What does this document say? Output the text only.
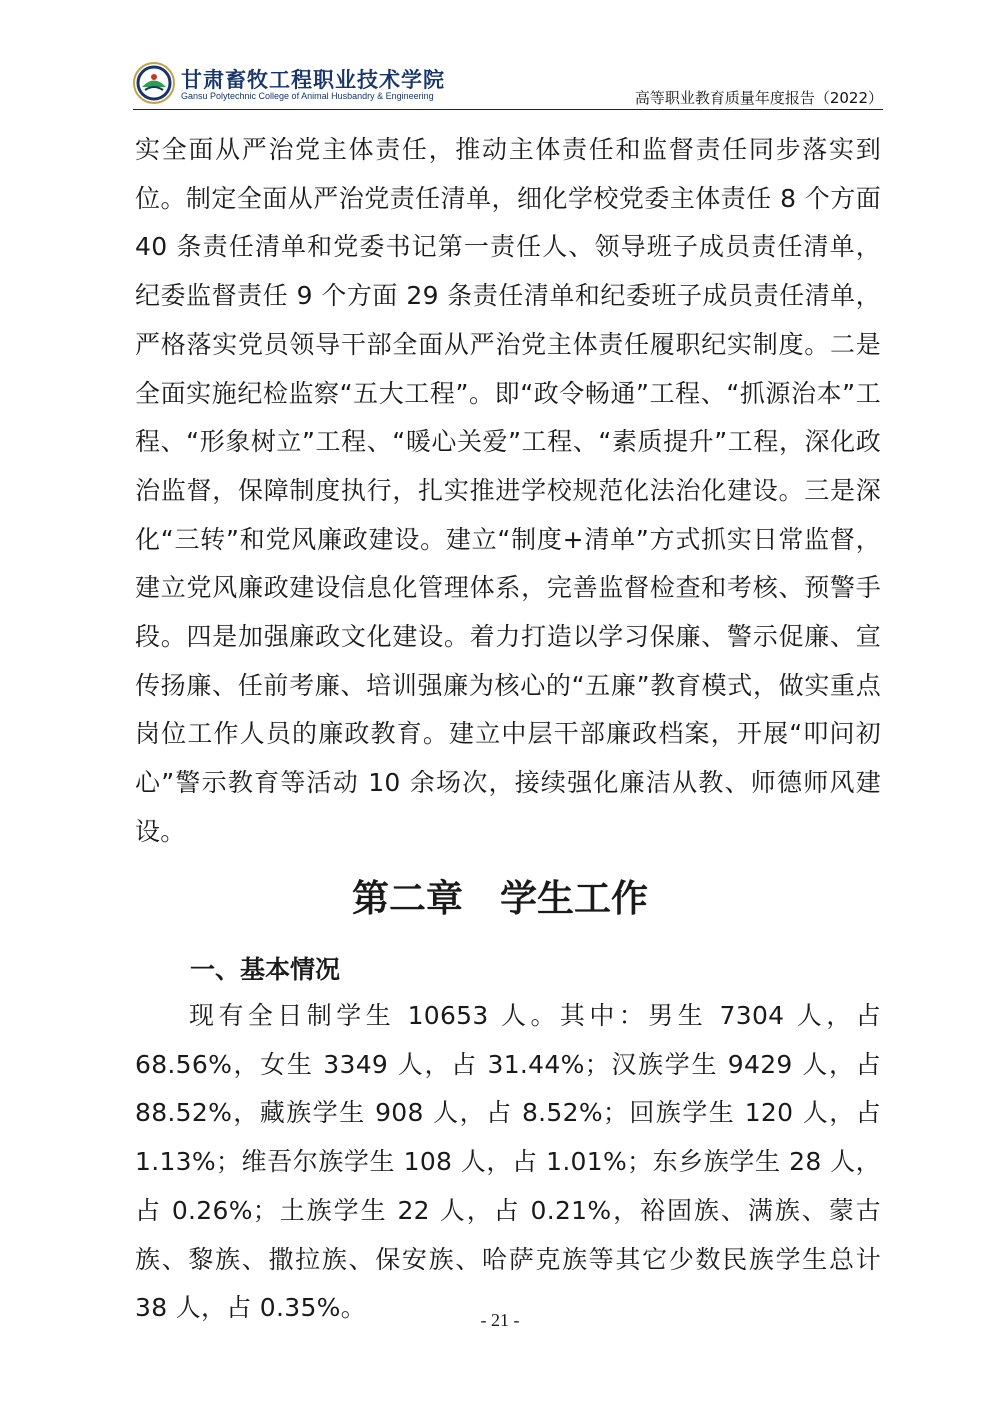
甘肃畜牧工程职业技术学院
Gansu Polytechnic College of Animal Husbandry & Engineering	高等职业教育质量年度报告（2022）
实全面从严治党主体责任，推动主体责任和监督责任同步落实到位。制定全面从严治党责任清单，细化学校党委主体责任 8 个方面 40 条责任清单和党委书记第一责任人、领导班子成员责任清单，纪委监督责任 9 个方面 29 条责任清单和纪委班子成员责任清单，严格落实党员领导干部全面从严治党主体责任履职纪实制度。二是全面实施纪检监察“五大工程”。即“政令畅通”工程、“抓源治本”工程、“形象树立”工程、“暖心关爱”工程、“素质提升”工程，深化政治监督，保障制度执行，扎实推进学校规范化法治化建设。三是深化“三转”和党风廉政建设。建立“制度+清单”方式抓实日常监督，建立党风廉政建设信息化管理体系，完善监督检查和考核、预警手段。四是加强廉政文化建设。着力打造以学习保廉、警示促廉、宣传扬廉、任前考廉、培训强廉为核心的“五廉”教育模式，做实重点岗位工作人员的廉政教育。建立中层干部廉政档案，开展“叩问初心”警示教育等活动 10 余场次，接续强化廉洁从教、师德师风建设。
第二章　学生工作
一、基本情况
现有全日制学生 10653 人。其中：男生 7304 人，占 68.56%，女生 3349 人，占 31.44%；汉族学生 9429 人，占 88.52%，藏族学生 908 人，占 8.52%；回族学生 120 人，占 1.13%；维吾尔族学生 108 人，占 1.01%；东乡族学生 28 人，占 0.26%；土族学生 22 人，占 0.21%，裕固族、满族、蒙古族、黎族、撒拉族、保安族、哈萨克族等其它少数民族学生总计 38 人，占 0.35%。	- 21 -
